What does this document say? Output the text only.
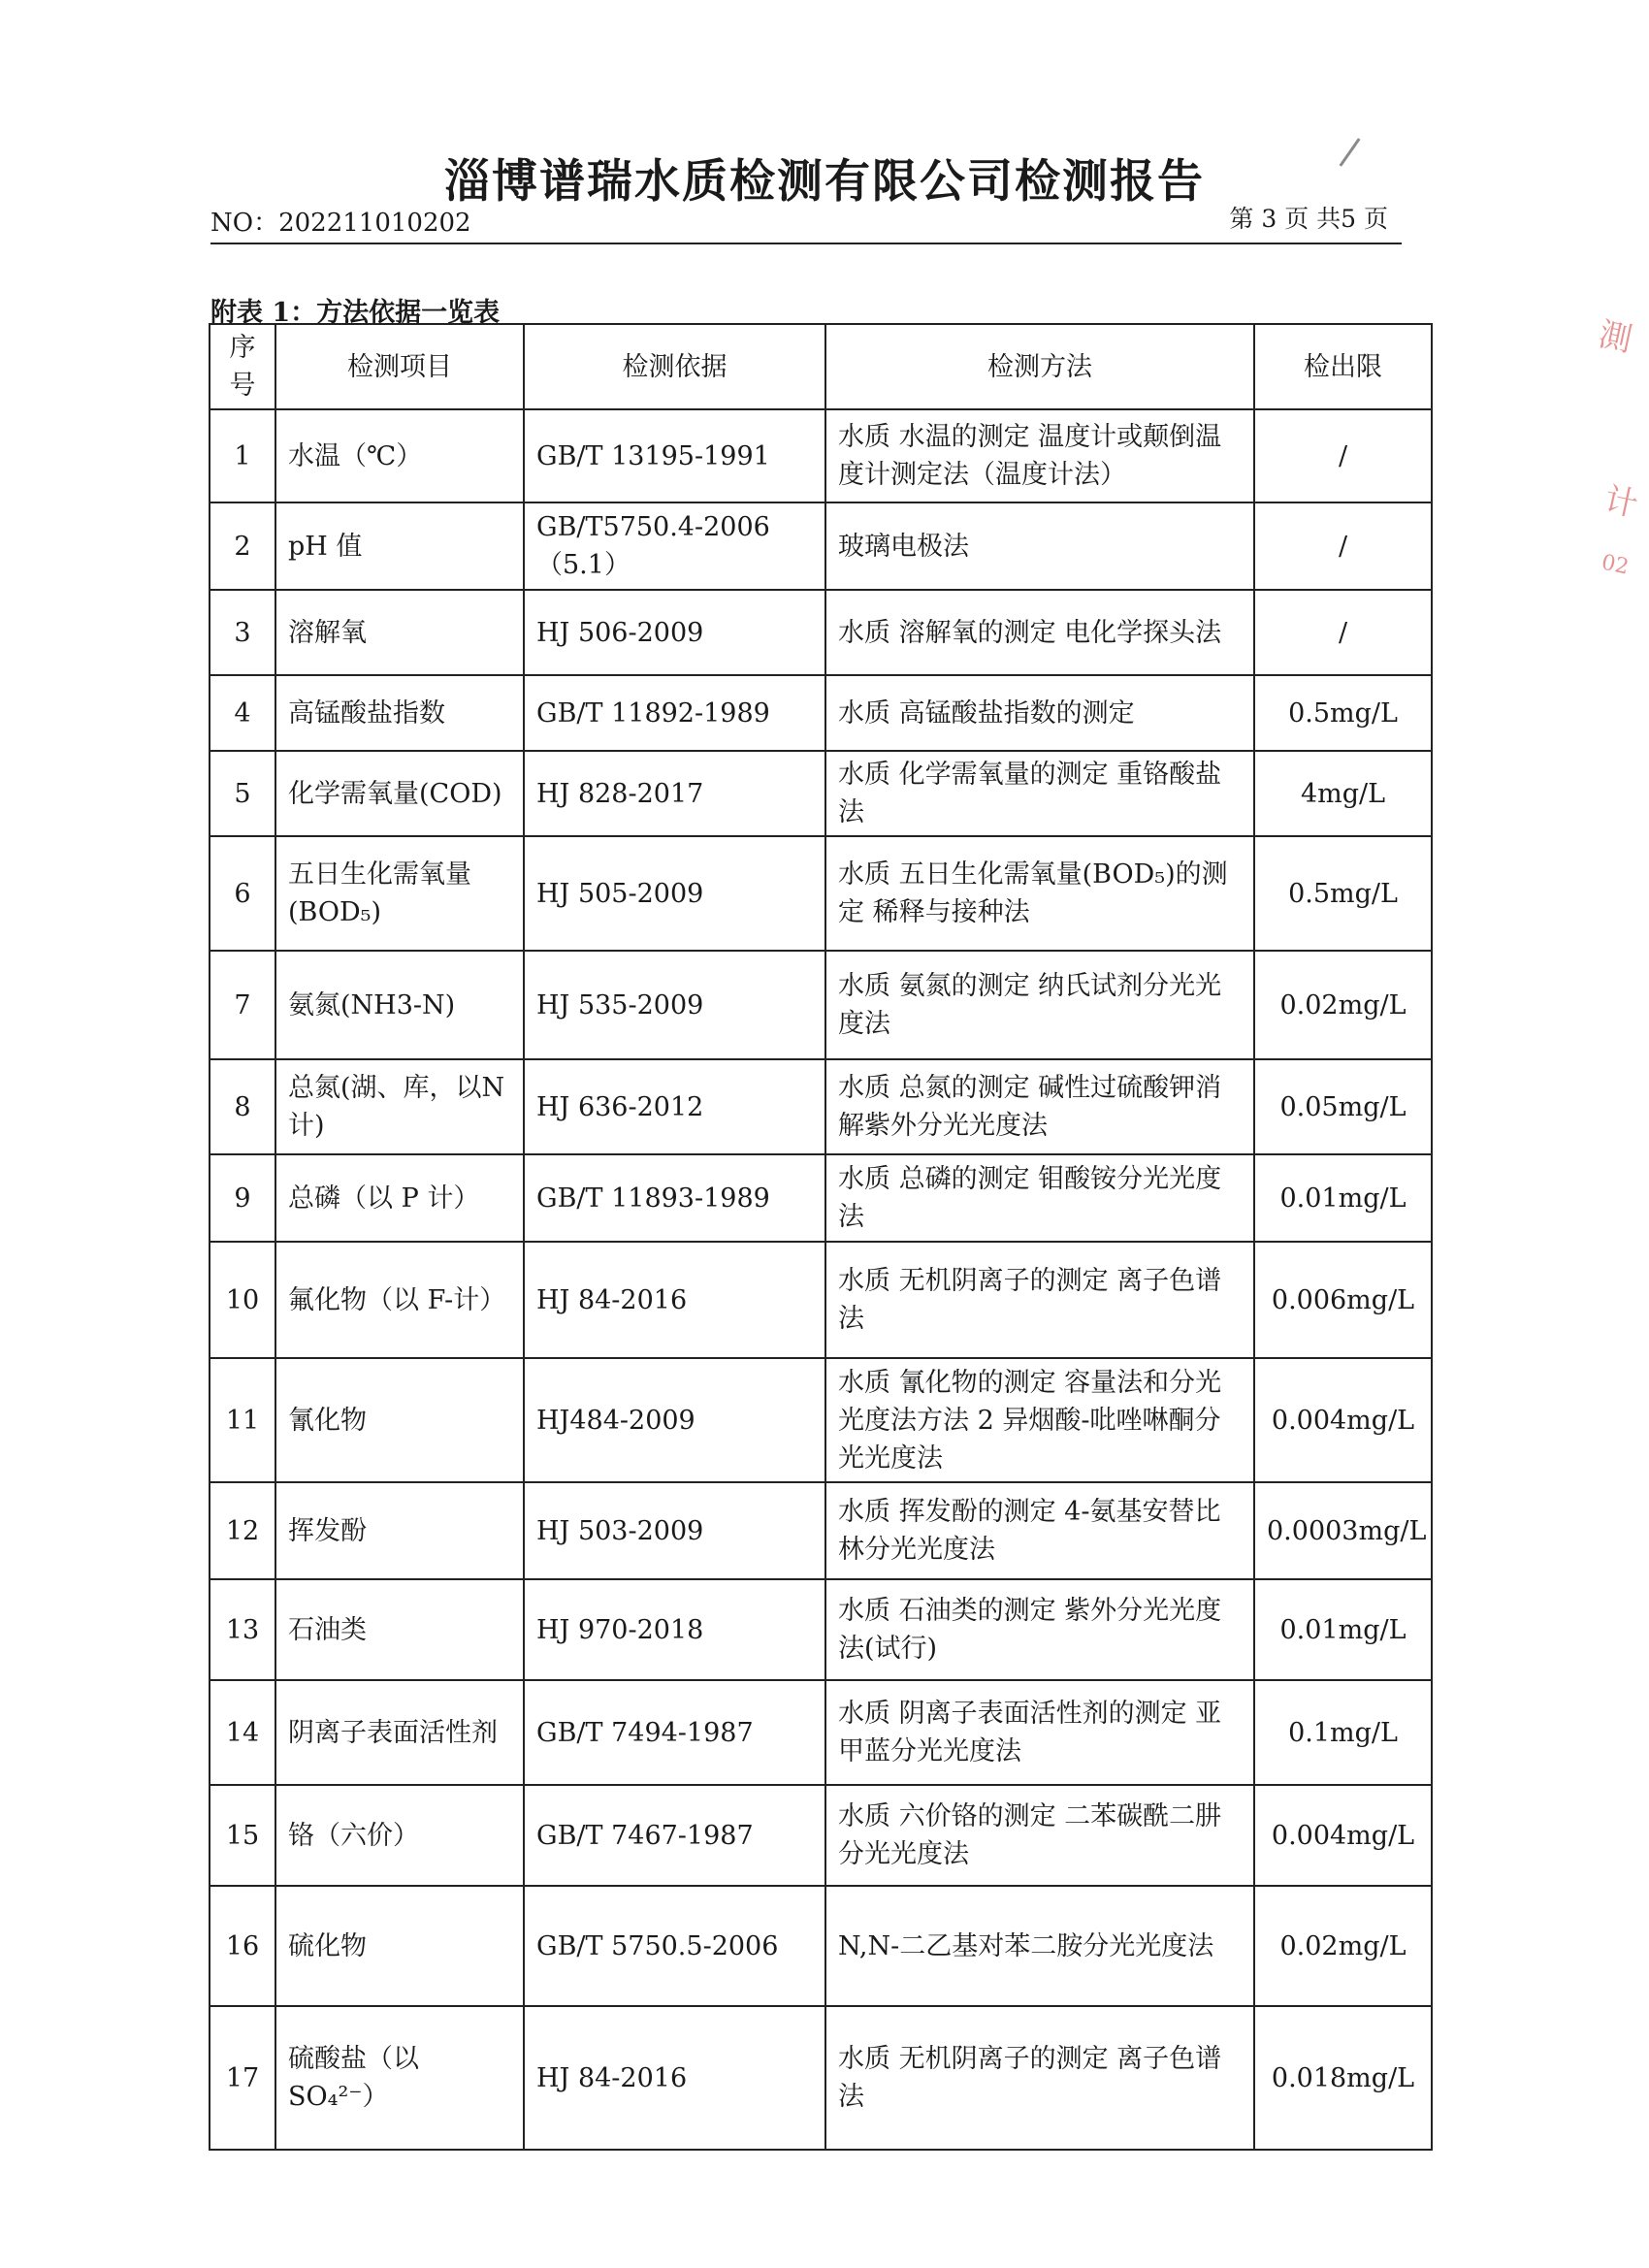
淄博谱瑞水质检测有限公司检测报告
NO：202211010202	第 3 页 共5 页
附表 1：方法依据一览表
序号	检测项目	检测依据	检测方法	检出限
1	水温（℃）	GB/T 13195-1991	水质 水温的测定 温度计或颠倒温度计测定法（温度计法）	/
2	pH 值	GB/T5750.4-2006 （5.1）	玻璃电极法	/
3	溶解氧	HJ 506-2009	水质 溶解氧的测定 电化学探头法	/
4	高锰酸盐指数	GB/T 11892-1989	水质 高锰酸盐指数的测定	0.5mg/L
5	化学需氧量(COD)	HJ 828-2017	水质 化学需氧量的测定 重铬酸盐法	4mg/L
6	五日生化需氧量(BOD₅)	HJ 505-2009	水质 五日生化需氧量(BOD₅)的测定 稀释与接种法	0.5mg/L
7	氨氮(NH3-N)	HJ 535-2009	水质 氨氮的测定 纳氏试剂分光光度法	0.02mg/L
8	总氮(湖、库，以N 计)	HJ 636-2012	水质 总氮的测定 碱性过硫酸钾消解紫外分光光度法	0.05mg/L
9	总磷（以 P 计）	GB/T 11893-1989	水质 总磷的测定 钼酸铵分光光度法	0.01mg/L
10	氟化物（以 F-计）	HJ 84-2016	水质 无机阴离子的测定 离子色谱法	0.006mg/L
11	氰化物	HJ484-2009	水质 氰化物的测定 容量法和分光光度法方法 2 异烟酸-吡唑啉酮分光光度法	0.004mg/L
12	挥发酚	HJ 503-2009	水质 挥发酚的测定 4-氨基安替比林分光光度法	0.0003mg/L
13	石油类	HJ 970-2018	水质 石油类的测定 紫外分光光度法(试行)	0.01mg/L
14	阴离子表面活性剂	GB/T 7494-1987	水质 阴离子表面活性剂的测定 亚甲蓝分光光度法	0.1mg/L
15	铬（六价）	GB/T 7467-1987	水质 六价铬的测定 二苯碳酰二肼分光光度法	0.004mg/L
16	硫化物	GB/T 5750.5-2006	N,N-二乙基对苯二胺分光光度法	0.02mg/L
17	硫酸盐（以 SO₄²⁻）	HJ 84-2016	水质 无机阴离子的测定 离子色谱法	0.018mg/L
測
计
02
